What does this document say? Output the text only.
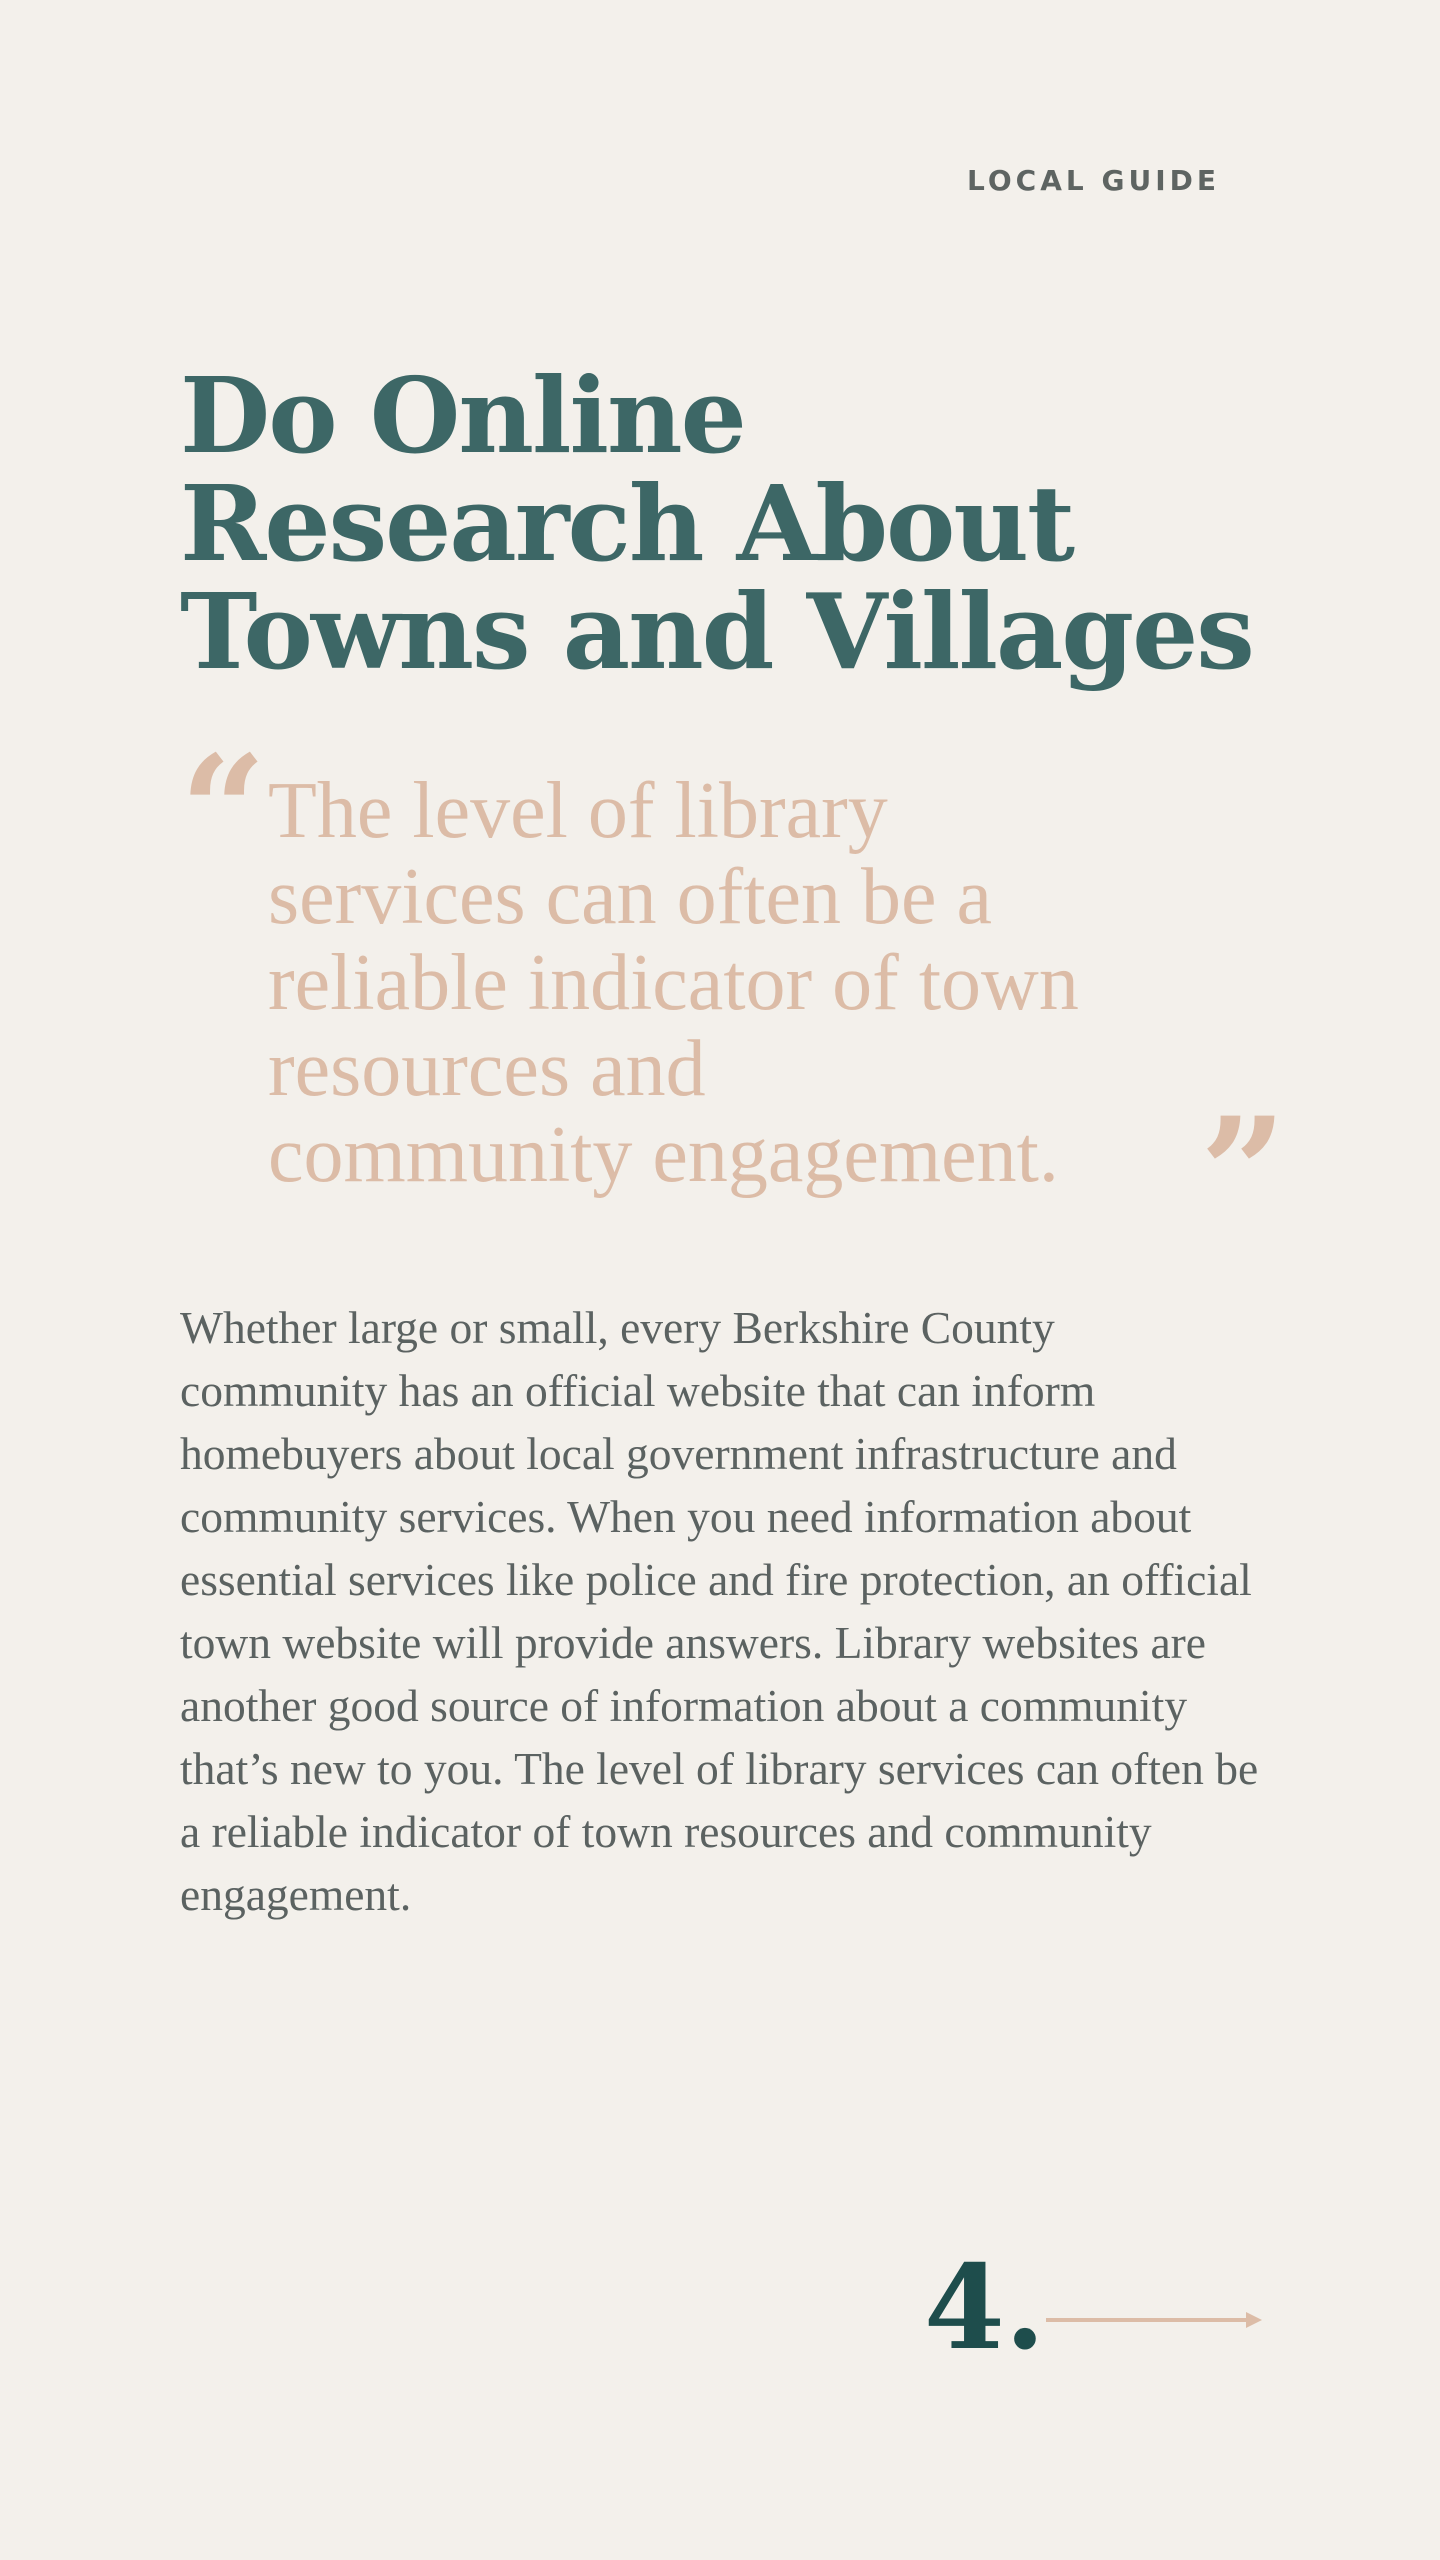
LOCAL GUIDE
Do Online Research About Towns and Villages
“ The level of library services can often be a reliable indicator of town resources and community engagement. ”

Whether large or small, every Berkshire County community has an official website that can inform homebuyers about local government infrastructure and community services. When you need information about essential services like police and fire protection, an official town website will provide answers. Library websites are another good source of information about a community that’s new to you. The level of library services can often be a reliable indicator of town resources and community engagement.

4.
